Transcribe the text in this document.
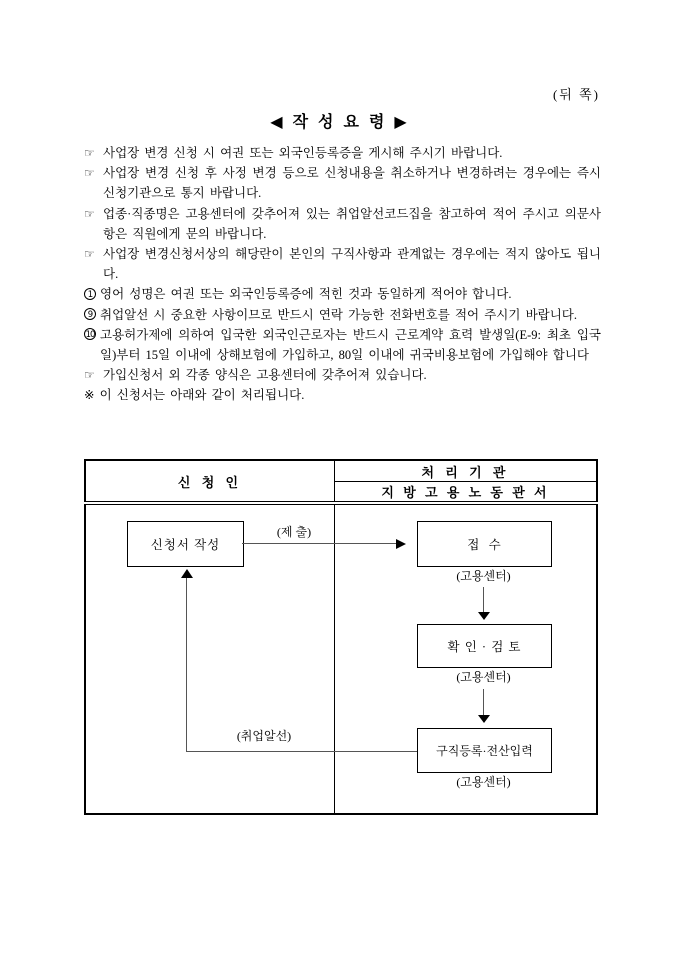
(뒤 쪽)
◀ 작 성 요 령 ▶

☞ 사업장 변경 신청 시 여권 또는 외국인등록증을 게시해 주시기 바랍니다.

☞ 사업장 변경 신청 후 사정 변경 등으로 신청내용을 취소하거나 변경하려는 경우에는 즉시 신청기관으로 통지 바랍니다.

☞ 업종·직종명은 고용센터에 갖추어져 있는 취업알선코드집을 참고하여 적어 주시고 의문사항은 직원에게 문의 바랍니다.

☞ 사업장 변경신청서상의 해당란이 본인의 구직사항과 관계없는 경우에는 적지 않아도 됩니다.

1 영어 성명은 여권 또는 외국인등록증에 적힌 것과 동일하게 적어야 합니다.

9 취업알선 시 중요한 사항이므로 반드시 연락 가능한 전화번호를 적어 주시기 바랍니다.

10 고용허가제에 의하여 입국한 외국인근로자는 반드시 근로계약 효력 발생일(E-9: 최초 입국일)부터 15일 이내에 상해보험에 가입하고, 80일 이내에 귀국비용보험에 가입해야 합니다

☞ 가입신청서 외 각종 양식은 고용센터에 갖추어져 있습니다.

※ 이 신청서는 아래와 같이 처리됩니다.

신 청 인
처 리 기 관
지 방 고 용 노 동 관 서
신청서 작성
(제 출)
접  수
(고용센터)
확 인 · 검 토
(고용센터)
구직등록·전산입력
(고용센터)
(취업알선)
